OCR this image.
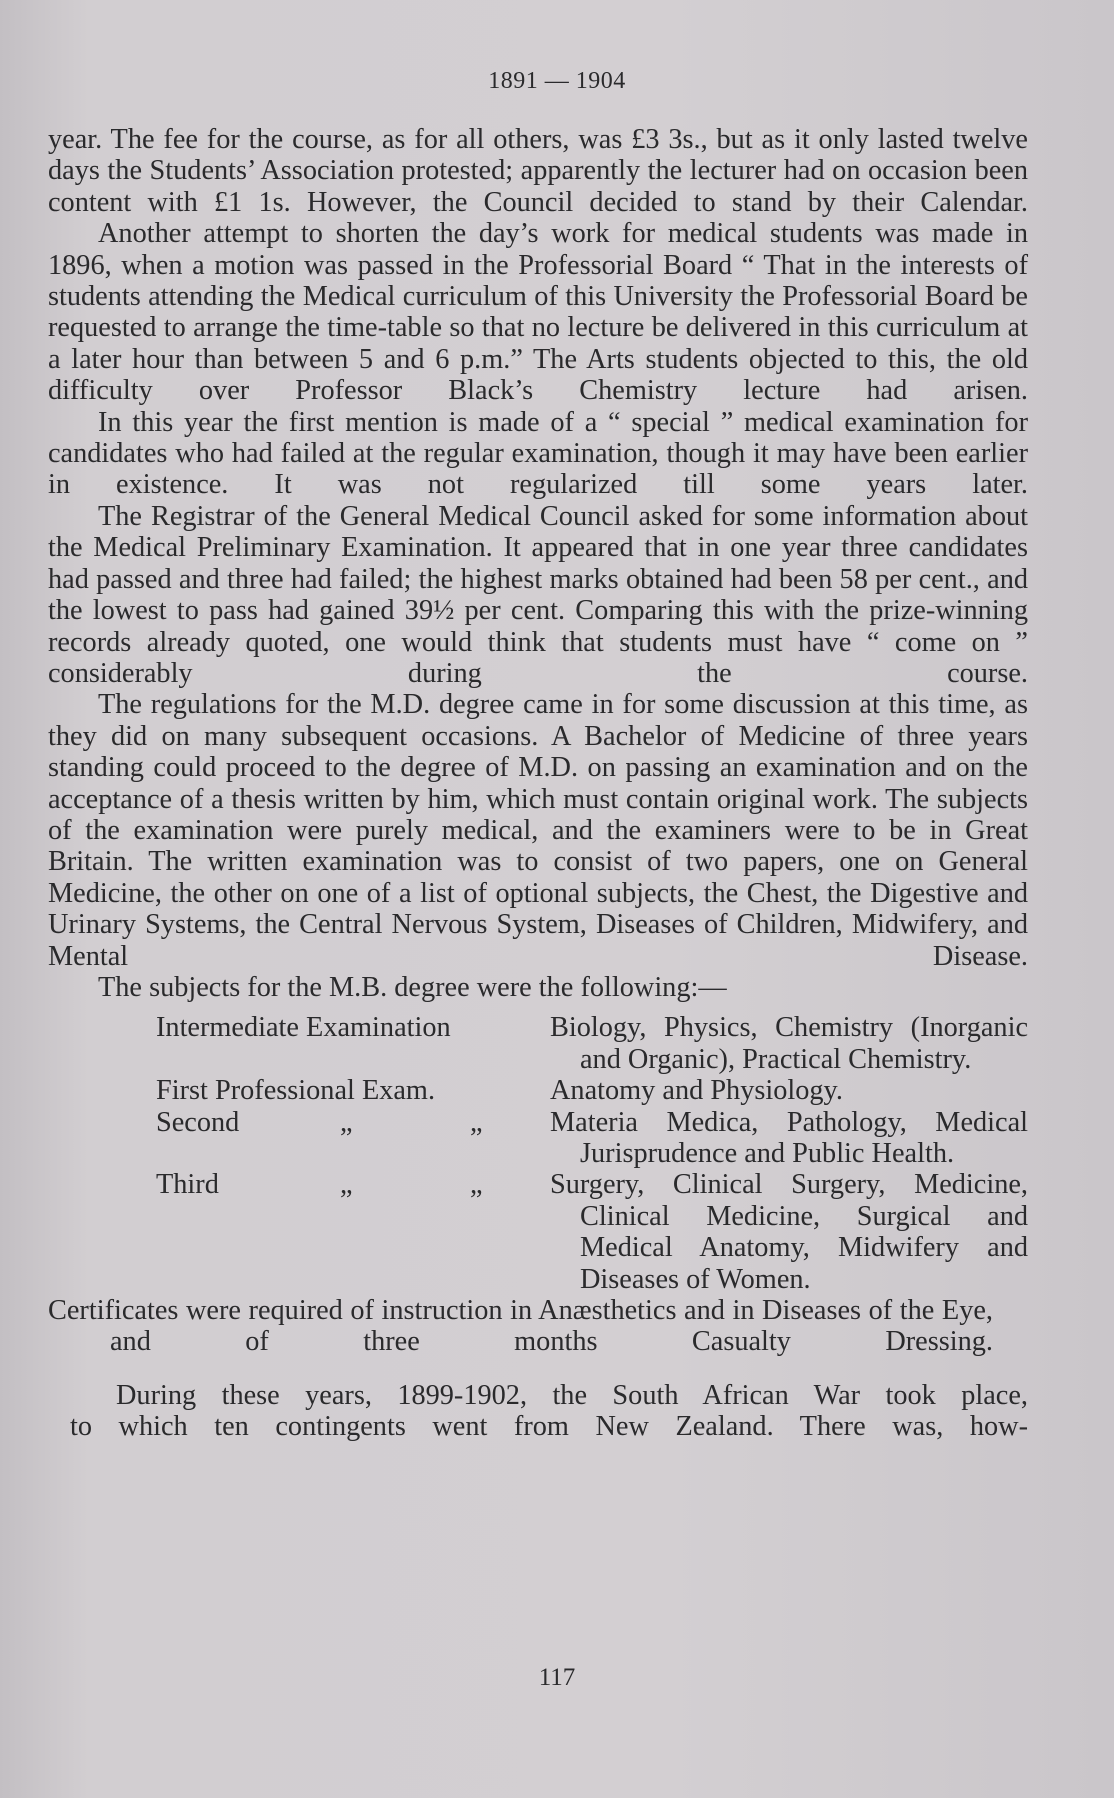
1891 — 1904

year. The fee for the course, as for all others, was £3 3s., but as it only lasted twelve days the Students’ Association protested; apparently the lecturer had on occasion been content with £1 1s. However, the Council decided to stand by their Calendar.

Another attempt to shorten the day’s work for medical students was made in 1896, when a motion was passed in the Professorial Board “ That in the interests of students attending the Medical curriculum of this University the Professorial Board be requested to arrange the time-table so that no lecture be delivered in this curriculum at a later hour than between 5 and 6 p.m.” The Arts students objected to this, the old difficulty over Professor Black’s Chemistry lecture had arisen.

In this year the first mention is made of a “ special ” medical examination for candidates who had failed at the regular examination, though it may have been earlier in existence. It was not regularized till some years later.

The Registrar of the General Medical Council asked for some information about the Medical Preliminary Examination. It appeared that in one year three candidates had passed and three had failed; the highest marks obtained had been 58 per cent., and the lowest to pass had gained 39½ per cent. Comparing this with the prize-winning records already quoted, one would think that students must have “ come on ” considerably during the course.

The regulations for the M.D. degree came in for some discussion at this time, as they did on many subsequent occasions. A Bachelor of Medicine of three years standing could proceed to the degree of M.D. on passing an examination and on the acceptance of a thesis written by him, which must contain original work. The subjects of the examination were purely medical, and the examiners were to be in Great Britain. The written examination was to consist of two papers, one on General Medicine, the other on one of a list of optional subjects, the Chest, the Digestive and Urinary Systems, the Central Nervous System, Diseases of Children, Midwifery, and Mental Disease.

The subjects for the M.B. degree were the following:—

Intermediate Examination	Biology, Physics, Chemistry (Inorganic and Organic), Practical Chemistry.
First Professional Exam.	Anatomy and Physiology.
Second	„	„	Materia Medica, Pathology, Medical Jurisprudence and Public Health.
Third	„	„	Surgery, Clinical Surgery, Medicine, Clinical Medicine, Surgical and Medical Anatomy, Midwifery and Diseases of Women.

Certificates were required of instruction in Anæsthetics and in Diseases of the Eye, and of three months Casualty Dressing.

During these years, 1899-1902, the South African War took place,

to which ten contingents went from New Zealand. There was, how-

117
